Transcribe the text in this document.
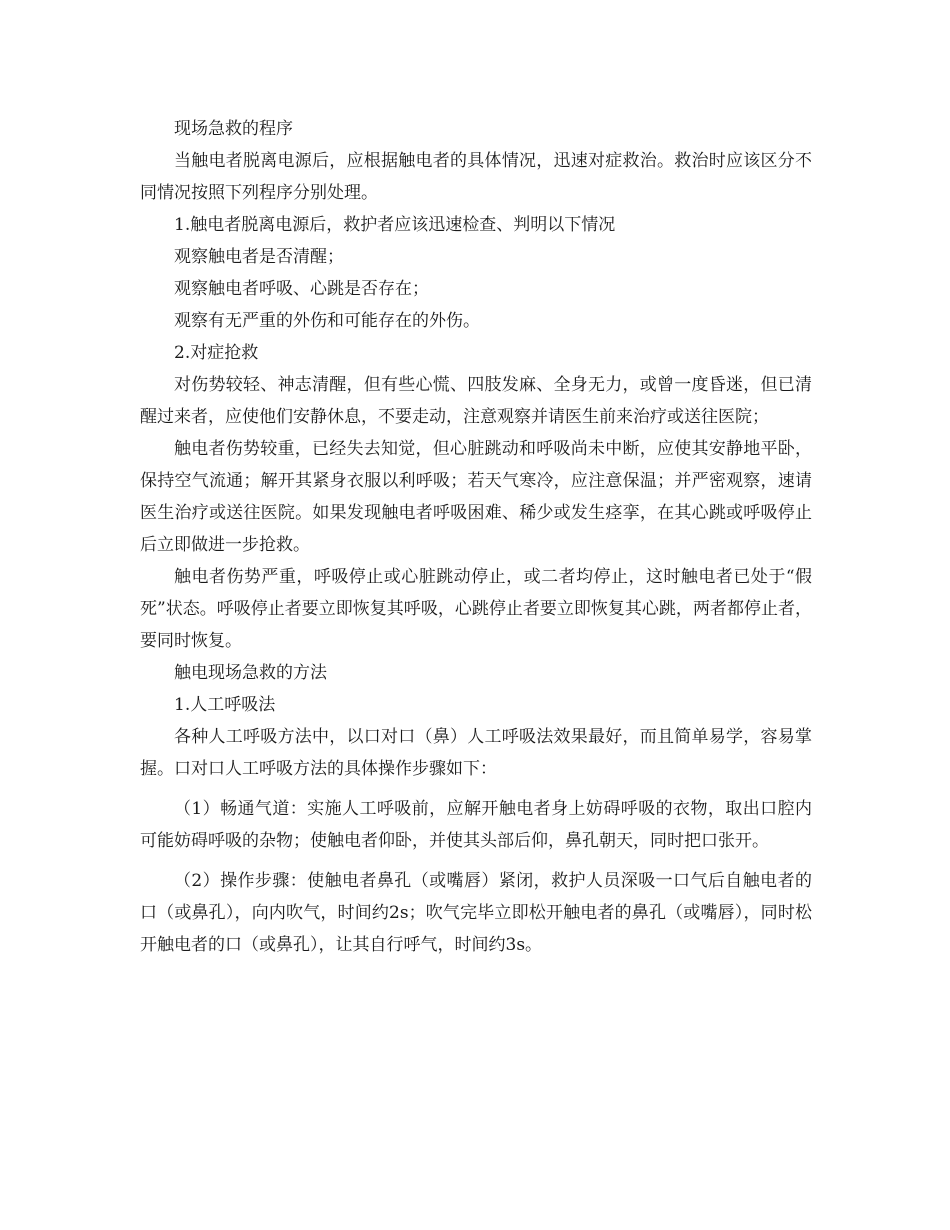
现场急救的程序

当触电者脱离电源后，应根据触电者的具体情况，迅速对症救治。救治时应该区分不同情况按照下列程序分别处理。

1.触电者脱离电源后，救护者应该迅速检查、判明以下情况

观察触电者是否清醒；

观察触电者呼吸、心跳是否存在；

观察有无严重的外伤和可能存在的外伤。

2.对症抢救

对伤势较轻、神志清醒，但有些心慌、四肢发麻、全身无力，或曾一度昏迷，但已清醒过来者，应使他们安静休息，不要走动，注意观察并请医生前来治疗或送往医院；

触电者伤势较重，已经失去知觉，但心脏跳动和呼吸尚未中断，应使其安静地平卧，保持空气流通；解开其紧身衣服以利呼吸；若天气寒冷，应注意保温；并严密观察，速请医生治疗或送往医院。如果发现触电者呼吸困难、稀少或发生痉挛，在其心跳或呼吸停止后立即做进一步抢救。

触电者伤势严重，呼吸停止或心脏跳动停止，或二者均停止，这时触电者已处于“假死”状态。呼吸停止者要立即恢复其呼吸，心跳停止者要立即恢复其心跳，两者都停止者，要同时恢复。

触电现场急救的方法

1.人工呼吸法

各种人工呼吸方法中，以口对口（鼻）人工呼吸法效果最好，而且简单易学，容易掌握。口对口人工呼吸方法的具体操作步骤如下：

（1）畅通气道：实施人工呼吸前，应解开触电者身上妨碍呼吸的衣物，取出口腔内可能妨碍呼吸的杂物；使触电者仰卧，并使其头部后仰，鼻孔朝天，同时把口张开。

（2）操作步骤：使触电者鼻孔（或嘴唇）紧闭，救护人员深吸一口气后自触电者的口（或鼻孔），向内吹气，时间约2s；吹气完毕立即松开触电者的鼻孔（或嘴唇），同时松开触电者的口（或鼻孔），让其自行呼气，时间约3s。
